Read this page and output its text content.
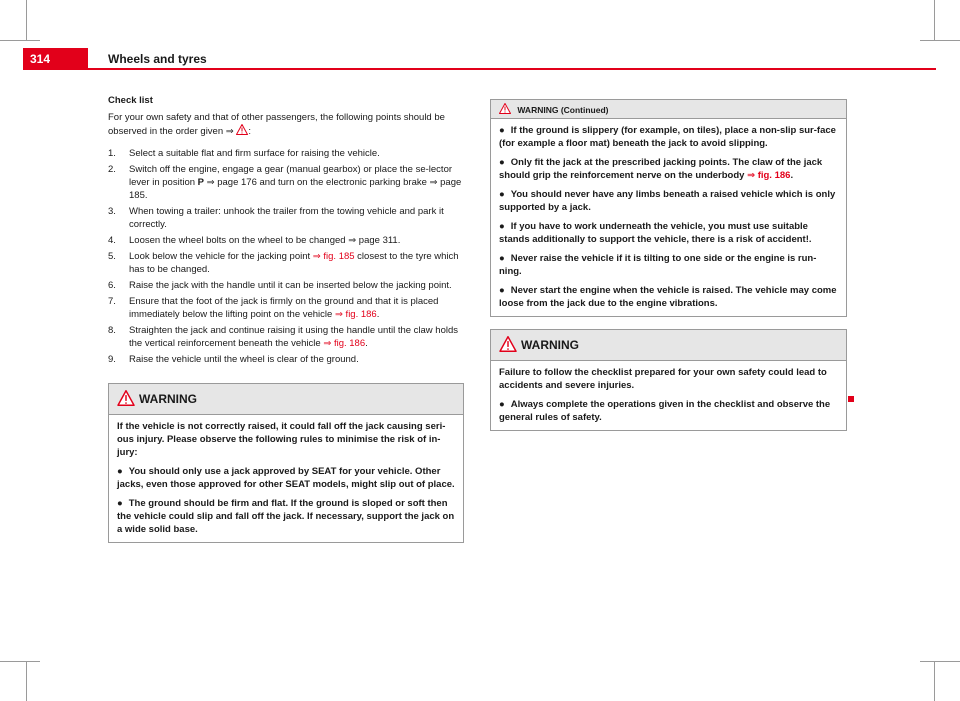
314	Wheels and tyres
Check list

For your own safety and that of other passengers, the following points should be observed in the order given ⇒ :

1. Select a suitable flat and firm surface for raising the vehicle.
2. Switch off the engine, engage a gear (manual gearbox) or place the se-lector lever in position P ⇒ page 176 and turn on the electronic parking brake ⇒ page 185.
3. When towing a trailer: unhook the trailer from the towing vehicle and park it correctly.
4. Loosen the wheel bolts on the wheel to be changed ⇒ page 311.
5. Look below the vehicle for the jacking point ⇒ fig. 185 closest to the tyre which has to be changed.
6. Raise the jack with the handle until it can be inserted below the jacking point.
7. Ensure that the foot of the jack is firmly on the ground and that it is placed immediately below the lifting point on the vehicle ⇒ fig. 186.
8. Straighten the jack and continue raising it using the handle until the claw holds the vertical reinforcement beneath the vehicle ⇒ fig. 186.
9. Raise the vehicle until the wheel is clear of the ground.
WARNING

If the vehicle is not correctly raised, it could fall off the jack causing seri-ous injury. Please observe the following rules to minimise the risk of in-jury:

● You should only use a jack approved by SEAT for your vehicle. Other jacks, even those approved for other SEAT models, might slip out of place.

● The ground should be firm and flat. If the ground is sloped or soft then the vehicle could slip and fall off the jack. If necessary, support the jack on a wide solid base.

WARNING (Continued)

● If the ground is slippery (for example, on tiles), place a non-slip sur-face (for example a floor mat) beneath the jack to avoid slipping.

● Only fit the jack at the prescribed jacking points. The claw of the jack should grip the reinforcement nerve on the underbody ⇒ fig. 186.

● You should never have any limbs beneath a raised vehicle which is only supported by a jack.

● If you have to work underneath the vehicle, you must use suitable stands additionally to support the vehicle, there is a risk of accident!.

● Never raise the vehicle if it is tilting to one side or the engine is run-ning.

● Never start the engine when the vehicle is raised. The vehicle may come loose from the jack due to the engine vibrations.

WARNING

Failure to follow the checklist prepared for your own safety could lead to accidents and severe injuries.

● Always complete the operations given in the checklist and observe the general rules of safety.
